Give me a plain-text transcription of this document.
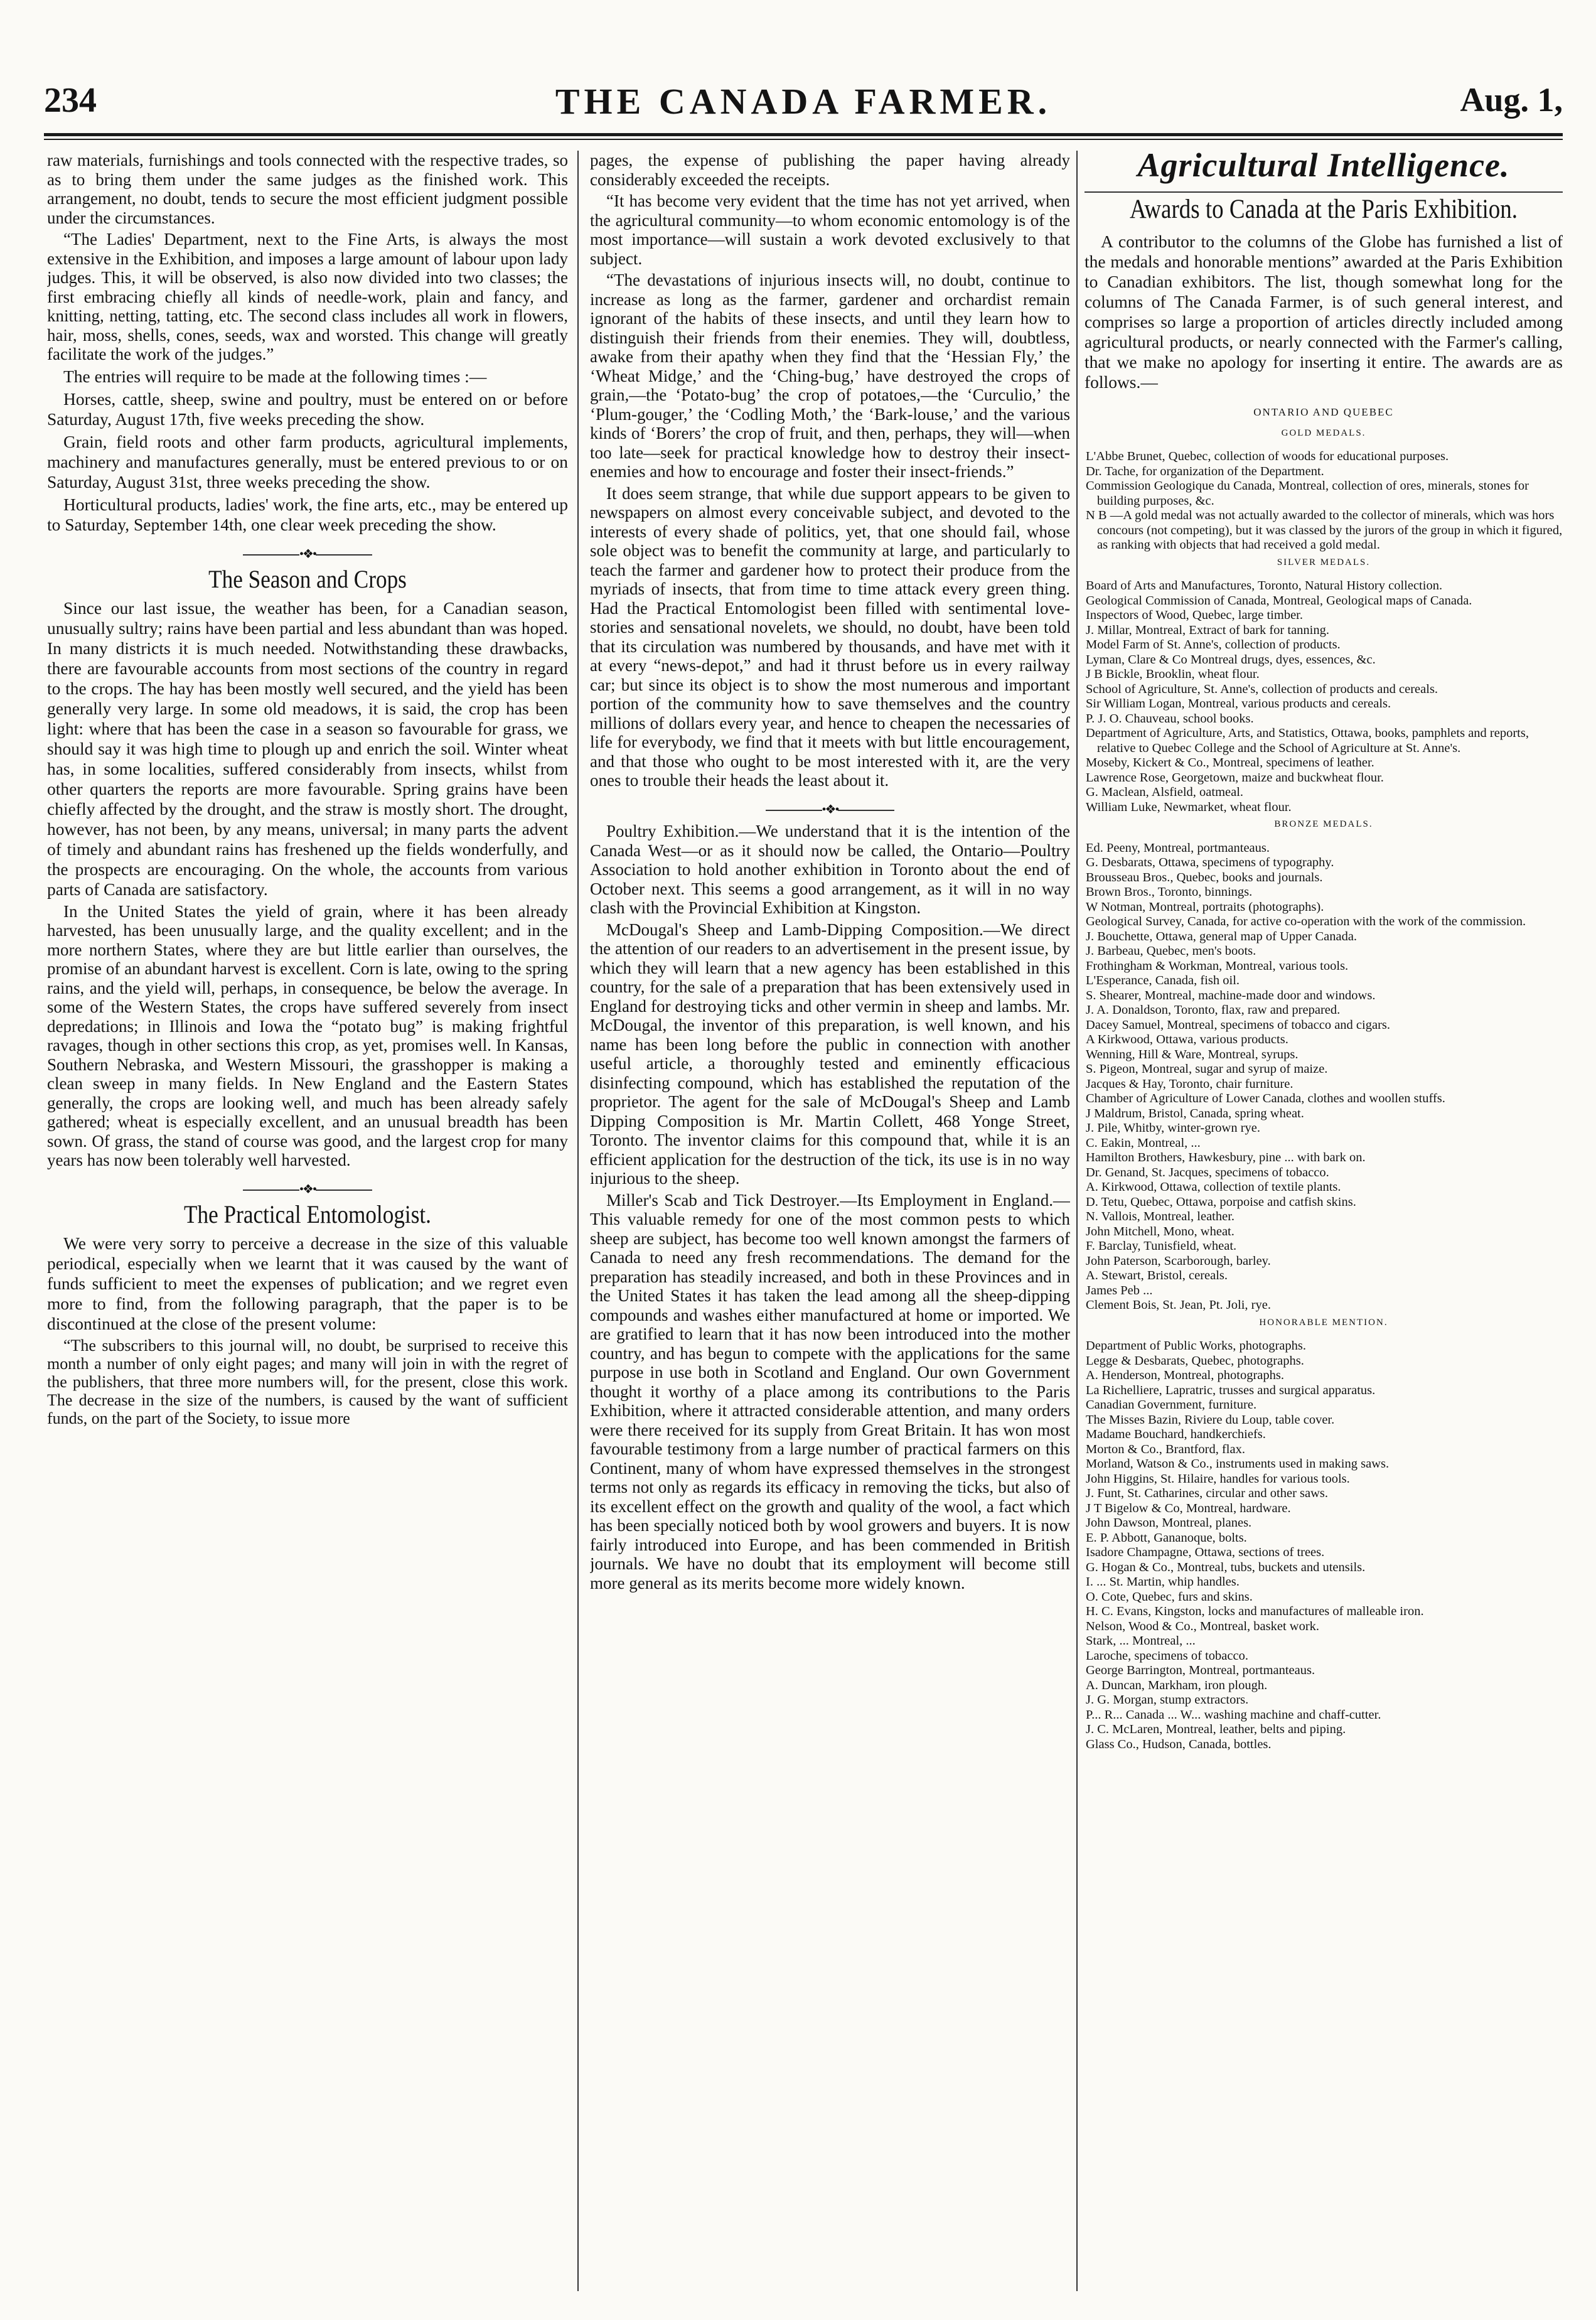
234	THE CANADA FARMER.	Aug. 1,

raw materials, furnishings and tools connected with the respective trades, so as to bring them under the same judges as the finished work. This arrangement, no doubt, tends to secure the most efficient judgment possible under the circumstances.

“The Ladies' Department, next to the Fine Arts, is always the most extensive in the Exhibition, and imposes a large amount of labour upon lady judges. This, it will be observed, is also now divided into two classes; the first embracing chiefly all kinds of needle-work, plain and fancy, and knitting, netting, tatting, etc. The second class includes all work in flowers, hair, moss, shells, cones, seeds, wax and worsted. This change will greatly facilitate the work of the judges.”

The entries will require to be made at the following times :—

Horses, cattle, sheep, swine and poultry, must be entered on or before Saturday, August 17th, five weeks preceding the show.

Grain, field roots and other farm products, agricultural implements, machinery and manufactures generally, must be entered previous to or on Saturday, August 31st, three weeks preceding the show.

Horticultural products, ladies' work, the fine arts, etc., may be entered up to Saturday, September 14th, one clear week preceding the show.

•❖•
The Season and Crops

Since our last issue, the weather has been, for a Canadian season, unusually sultry; rains have been partial and less abundant than was hoped. In many districts it is much needed. Notwithstanding these drawbacks, there are favourable accounts from most sections of the country in regard to the crops. The hay has been mostly well secured, and the yield has been generally very large. In some old meadows, it is said, the crop has been light: where that has been the case in a season so favourable for grass, we should say it was high time to plough up and enrich the soil. Winter wheat has, in some localities, suffered considerably from insects, whilst from other quarters the reports are more favourable. Spring grains have been chiefly affected by the drought, and the straw is mostly short. The drought, however, has not been, by any means, universal; in many parts the advent of timely and abundant rains has freshened up the fields wonderfully, and the prospects are encouraging. On the whole, the accounts from various parts of Canada are satisfactory.

In the United States the yield of grain, where it has been already harvested, has been unusually large, and the quality excellent; and in the more northern States, where they are but little earlier than ourselves, the promise of an abundant harvest is excellent. Corn is late, owing to the spring rains, and the yield will, perhaps, in consequence, be below the average. In some of the Western States, the crops have suffered severely from insect depredations; in Illinois and Iowa the “potato bug” is making frightful ravages, though in other sections this crop, as yet, promises well. In Kansas, Southern Nebraska, and Western Missouri, the grasshopper is making a clean sweep in many fields. In New England and the Eastern States generally, the crops are looking well, and much has been already safely gathered; wheat is especially excellent, and an unusual breadth has been sown. Of grass, the stand of course was good, and the largest crop for many years has now been tolerably well harvested.

•❖•
The Practical Entomologist.

We were very sorry to perceive a decrease in the size of this valuable periodical, especially when we learnt that it was caused by the want of funds sufficient to meet the expenses of publication; and we regret even more to find, from the following paragraph, that the paper is to be discontinued at the close of the present volume:

“The subscribers to this journal will, no doubt, be surprised to receive this month a number of only eight pages; and many will join in with the regret of the publishers, that three more numbers will, for the present, close this work. The decrease in the size of the numbers, is caused by the want of sufficient funds, on the part of the Society, to issue more

pages, the expense of publishing the paper having already considerably exceeded the receipts.

“It has become very evident that the time has not yet arrived, when the agricultural community—to whom economic entomology is of the most importance—will sustain a work devoted exclusively to that subject.

“The devastations of injurious insects will, no doubt, continue to increase as long as the farmer, gardener and orchardist remain ignorant of the habits of these insects, and until they learn how to distinguish their friends from their enemies. They will, doubtless, awake from their apathy when they find that the ‘Hessian Fly,’ the ‘Wheat Midge,’ and the ‘Ching-bug,’ have destroyed the crops of grain,—the ‘Potato-bug’ the crop of potatoes,—the ‘Curculio,’ the ‘Plum-gouger,’ the ‘Codling Moth,’ the ‘Bark-louse,’ and the various kinds of ‘Borers’ the crop of fruit, and then, perhaps, they will—when too late—seek for practical knowledge how to destroy their insect-enemies and how to encourage and foster their insect-friends.”

It does seem strange, that while due support appears to be given to newspapers on almost every conceivable subject, and devoted to the interests of every shade of politics, yet, that one should fail, whose sole object was to benefit the community at large, and particularly to teach the farmer and gardener how to protect their produce from the myriads of insects, that from time to time attack every green thing. Had the Practical Entomologist been filled with sentimental love-stories and sensational novelets, we should, no doubt, have been told that its circulation was numbered by thousands, and have met with it at every “news-depot,” and had it thrust before us in every railway car; but since its object is to show the most numerous and important portion of the community how to save themselves and the country millions of dollars every year, and hence to cheapen the necessaries of life for everybody, we find that it meets with but little encouragement, and that those who ought to be most interested with it, are the very ones to trouble their heads the least about it.

•❖•

Poultry Exhibition.—We understand that it is the intention of the Canada West—or as it should now be called, the Ontario—Poultry Association to hold another exhibition in Toronto about the end of October next. This seems a good arrangement, as it will in no way clash with the Provincial Exhibition at Kingston.

McDougal's Sheep and Lamb-Dipping Composition.—We direct the attention of our readers to an advertisement in the present issue, by which they will learn that a new agency has been established in this country, for the sale of a preparation that has been extensively used in England for destroying ticks and other vermin in sheep and lambs. Mr. McDougal, the inventor of this preparation, is well known, and his name has been long before the public in connection with another useful article, a thoroughly tested and eminently efficacious disinfecting compound, which has established the reputation of the proprietor. The agent for the sale of McDougal's Sheep and Lamb Dipping Composition is Mr. Martin Collett, 468 Yonge Street, Toronto. The inventor claims for this compound that, while it is an efficient application for the destruction of the tick, its use is in no way injurious to the sheep.

Miller's Scab and Tick Destroyer.—Its Employment in England.—This valuable remedy for one of the most common pests to which sheep are subject, has become too well known amongst the farmers of Canada to need any fresh recommendations. The demand for the preparation has steadily increased, and both in these Provinces and in the United States it has taken the lead among all the sheep-dipping compounds and washes either manufactured at home or imported. We are gratified to learn that it has now been introduced into the mother country, and has begun to compete with the applications for the same purpose in use both in Scotland and England. Our own Government thought it worthy of a place among its contributions to the Paris Exhibition, where it attracted considerable attention, and many orders were there received for its supply from Great Britain. It has won most favourable testimony from a large number of practical farmers on this Continent, many of whom have expressed themselves in the strongest terms not only as regards its efficacy in removing the ticks, but also of its excellent effect on the growth and quality of the wool, a fact which has been specially noticed both by wool growers and buyers. It is now fairly introduced into Europe, and has been commended in British journals. We have no doubt that its employment will become still more general as its merits become more widely known.

Agricultural Intelligence.
Awards to Canada at the Paris Exhibition.

A contributor to the columns of the Globe has furnished a list of the medals and honorable mentions” awarded at the Paris Exhibition to Canadian exhibitors. The list, though somewhat long for the columns of The Canada Farmer, is of such general interest, and comprises so large a proportion of articles directly included among agricultural products, or nearly connected with the Farmer's calling, that we make no apology for inserting it entire. The awards are as follows.—

ONTARIO AND QUEBEC
GOLD MEDALS.

L'Abbe Brunet, Quebec, collection of woods for educational purposes.

Dr. Tache, for organization of the Department.

Commission Geologique du Canada, Montreal, collection of ores, minerals, stones for building purposes, &c.

N B —A gold medal was not actually awarded to the collector of minerals, which was hors concours (not competing), but it was classed by the jurors of the group in which it figured, as ranking with objects that had received a gold medal.

SILVER MEDALS.

Board of Arts and Manufactures, Toronto, Natural History collection.

Geological Commission of Canada, Montreal, Geological maps of Canada.

Inspectors of Wood, Quebec, large timber.

J. Millar, Montreal, Extract of bark for tanning.

Model Farm of St. Anne's, collection of products.

Lyman, Clare & Co Montreal drugs, dyes, essences, &c.

J B Bickle, Brooklin, wheat flour.

School of Agriculture, St. Anne's, collection of products and cereals.

Sir William Logan, Montreal, various products and cereals.

P. J. O. Chauveau, school books.

Department of Agriculture, Arts, and Statistics, Ottawa, books, pamphlets and reports, relative to Quebec College and the School of Agriculture at St. Anne's.

Moseby, Kickert & Co., Montreal, specimens of leather.

Lawrence Rose, Georgetown, maize and buckwheat flour.

G. Maclean, Alsfield, oatmeal.

William Luke, Newmarket, wheat flour.

BRONZE MEDALS.

Ed. Peeny, Montreal, portmanteaus.

G. Desbarats, Ottawa, specimens of typography.

Brousseau Bros., Quebec, books and journals.

Brown Bros., Toronto, binnings.

W Notman, Montreal, portraits (photographs).

Geological Survey, Canada, for active co-operation with the work of the commission.

J. Bouchette, Ottawa, general map of Upper Canada.

J. Barbeau, Quebec, men's boots.

Frothingham & Workman, Montreal, various tools.

L'Esperance, Canada, fish oil.

S. Shearer, Montreal, machine-made door and windows.

J. A. Donaldson, Toronto, flax, raw and prepared.

Dacey Samuel, Montreal, specimens of tobacco and cigars.

A Kirkwood, Ottawa, various products.

Wenning, Hill & Ware, Montreal, syrups.

S. Pigeon, Montreal, sugar and syrup of maize.

Jacques & Hay, Toronto, chair furniture.

Chamber of Agriculture of Lower Canada, clothes and woollen stuffs.

J Maldrum, Bristol, Canada, spring wheat.

J. Pile, Whitby, winter-grown rye.

C. Eakin, Montreal, ...

Hamilton Brothers, Hawkesbury, pine ... with bark on.

Dr. Genand, St. Jacques, specimens of tobacco.

A. Kirkwood, Ottawa, collection of textile plants.

D. Tetu, Quebec, Ottawa, porpoise and catfish skins.

N. Vallois, Montreal, leather.

John Mitchell, Mono, wheat.

F. Barclay, Tunisfield, wheat.

John Paterson, Scarborough, barley.

A. Stewart, Bristol, cereals.

James Peb ...

Clement Bois, St. Jean, Pt. Joli, rye.

HONORABLE MENTION.

Department of Public Works, photographs.

Legge & Desbarats, Quebec, photographs.

A. Henderson, Montreal, photographs.

La Richelliere, Lapratric, trusses and surgical apparatus.

Canadian Government, furniture.

The Misses Bazin, Riviere du Loup, table cover.

Madame Bouchard, handkerchiefs.

Morton & Co., Brantford, flax.

Morland, Watson & Co., instruments used in making saws.

John Higgins, St. Hilaire, handles for various tools.

J. Funt, St. Catharines, circular and other saws.

J T Bigelow & Co, Montreal, hardware.

John Dawson, Montreal, planes.

E. P. Abbott, Gananoque, bolts.

Isadore Champagne, Ottawa, sections of trees.

G. Hogan & Co., Montreal, tubs, buckets and utensils.

I. ... St. Martin, whip handles.

O. Cote, Quebec, furs and skins.

H. C. Evans, Kingston, locks and manufactures of malleable iron.

Nelson, Wood & Co., Montreal, basket work.

Stark, ... Montreal, ...

Laroche, specimens of tobacco.

George Barrington, Montreal, portmanteaus.

A. Duncan, Markham, iron plough.

J. G. Morgan, stump extractors.

P... R... Canada ... W... washing machine and chaff-cutter.

J. C. McLaren, Montreal, leather, belts and piping.

Glass Co., Hudson, Canada, bottles.
